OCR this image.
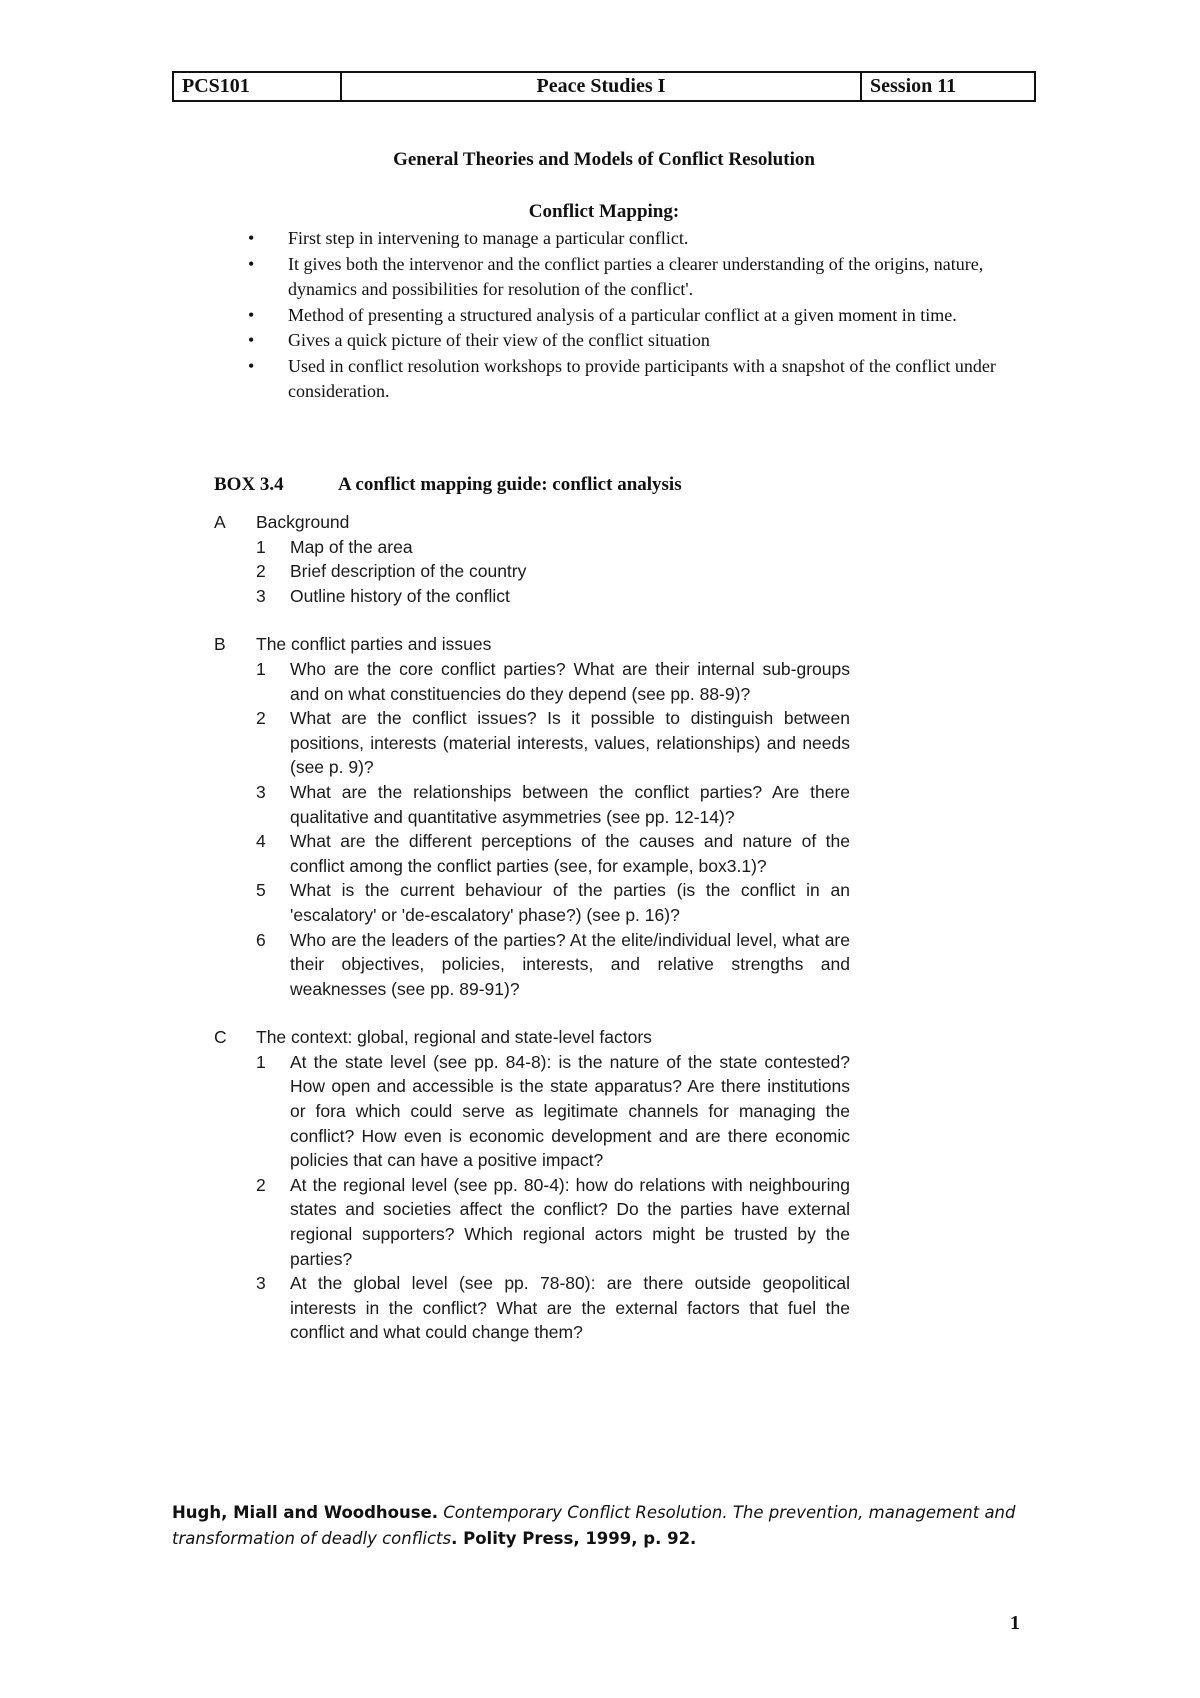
PCS101	Peace Studies I	Session 11
General Theories and Models of Conflict Resolution
Conflict Mapping:
• First step in intervening to manage a particular conflict.
• It gives both the intervenor and the conflict parties a clearer understanding of the origins, nature, dynamics and possibilities for resolution of the conflict'.
• Method of presenting a structured analysis of a particular conflict at a given moment in time.
• Gives a quick picture of their view of the conflict situation
• Used in conflict resolution workshops to provide participants with a snapshot of the conflict under consideration.
BOX 3.4	A conflict mapping guide: conflict analysis
A	Background
1	Map of the area
2	Brief description of the country
3	Outline history of the conflict
B	The conflict parties and issues
1	Who are the core conflict parties? What are their internal sub-groups and on what constituencies do they depend (see pp. 88-9)?
2	What are the conflict issues? Is it possible to distinguish between positions, interests (material interests, values, relationships) and needs (see p. 9)?
3	What are the relationships between the conflict parties? Are there qualitative and quantitative asymmetries (see pp. 12-14)?
4	What are the different perceptions of the causes and nature of the conflict among the conflict parties (see, for example, box3.1)?
5	What is the current behaviour of the parties (is the conflict in an 'escalatory' or 'de-escalatory' phase?) (see p. 16)?
6	Who are the leaders of the parties? At the elite/individual level, what are their objectives, policies, interests, and relative strengths and weaknesses (see pp. 89-91)?
C	The context: global, regional and state-level factors
1	At the state level (see pp. 84-8): is the nature of the state contested? How open and accessible is the state apparatus? Are there institutions or fora which could serve as legitimate channels for managing the conflict? How even is economic development and are there economic policies that can have a positive impact?
2	At the regional level (see pp. 80-4): how do relations with neighbouring states and societies affect the conflict? Do the parties have external regional supporters? Which regional actors might be trusted by the parties?
3	At the global level (see pp. 78-80): are there outside geopolitical interests in the conflict? What are the external factors that fuel the conflict and what could change them?
Hugh, Miall and Woodhouse. Contemporary Conflict Resolution. The prevention, management and transformation of deadly conflicts. Polity Press, 1999, p. 92.
1
